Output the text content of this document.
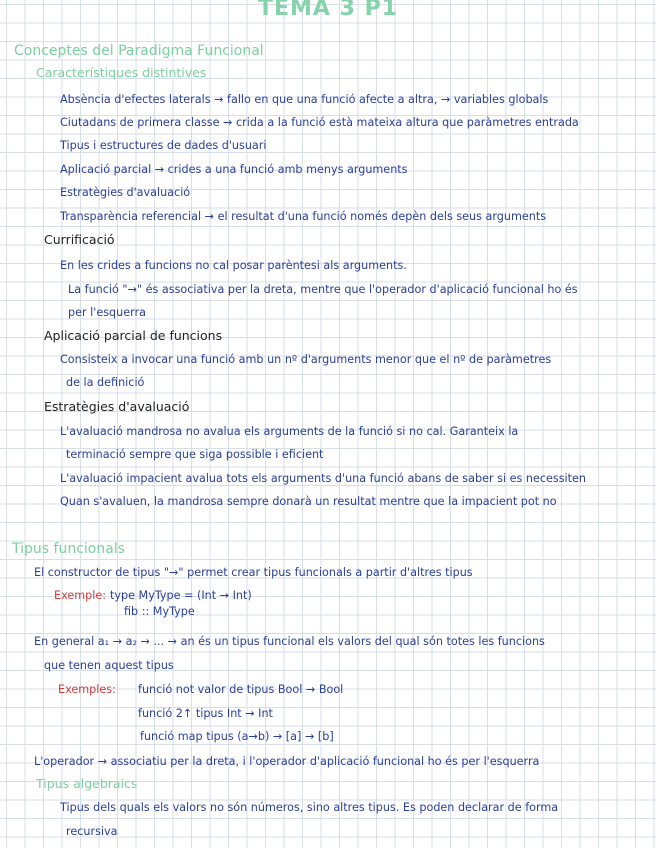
TEMA 3 P1
Conceptes del Paradigma Funcional
Característiques distintives
Absència d'efectes laterals → fallo en que una funció afecte a altra, → variables globals
Ciutadans de primera classe → crida a la funció està mateixa altura que paràmetres entrada
Tipus i estructures de dades d'usuari
Aplicació parcial → crides a una funció amb menys arguments
Estratègies d'avaluació
Transparència referencial → el resultat d'una funció només depèn dels seus arguments
Currificació
En les crides a funcions no cal posar parèntesi als arguments.
La funció "→" és associativa per la dreta, mentre que l'operador d'aplicació funcional ho és
per l'esquerra
Aplicació parcial de funcions
Consisteix a invocar una funció amb un nº d'arguments menor que el nº de paràmetres
de la definició
Estratègies d'avaluació
L'avaluació mandrosa no avalua els arguments de la funció si no cal. Garanteix la
terminació sempre que siga possible i eficient
L'avaluació impacient avalua tots els arguments d'una funció abans de saber si es necessiten
Quan s'avaluen, la mandrosa sempre donarà un resultat mentre que la impacient pot no
Tipus funcionals
El constructor de tipus "→" permet crear tipus funcionals a partir d'altres tipus
Exemple: type MyType = (Int → Int)
fib :: MyType
En general a₁ → a₂ → ... → an és un tipus funcional els valors del qual són totes les funcions
que tenen aquest tipus
Exemples: funció not valor de tipus Bool → Bool
funció 2↑ tipus Int → Int
funció map tipus (a→b) → [a] → [b]
L'operador → associatiu per la dreta, i l'operador d'aplicació funcional ho és per l'esquerra
Tipus algebraics
Tipus dels quals els valors no són números, sino altres tipus. Es poden declarar de forma
recursiva
